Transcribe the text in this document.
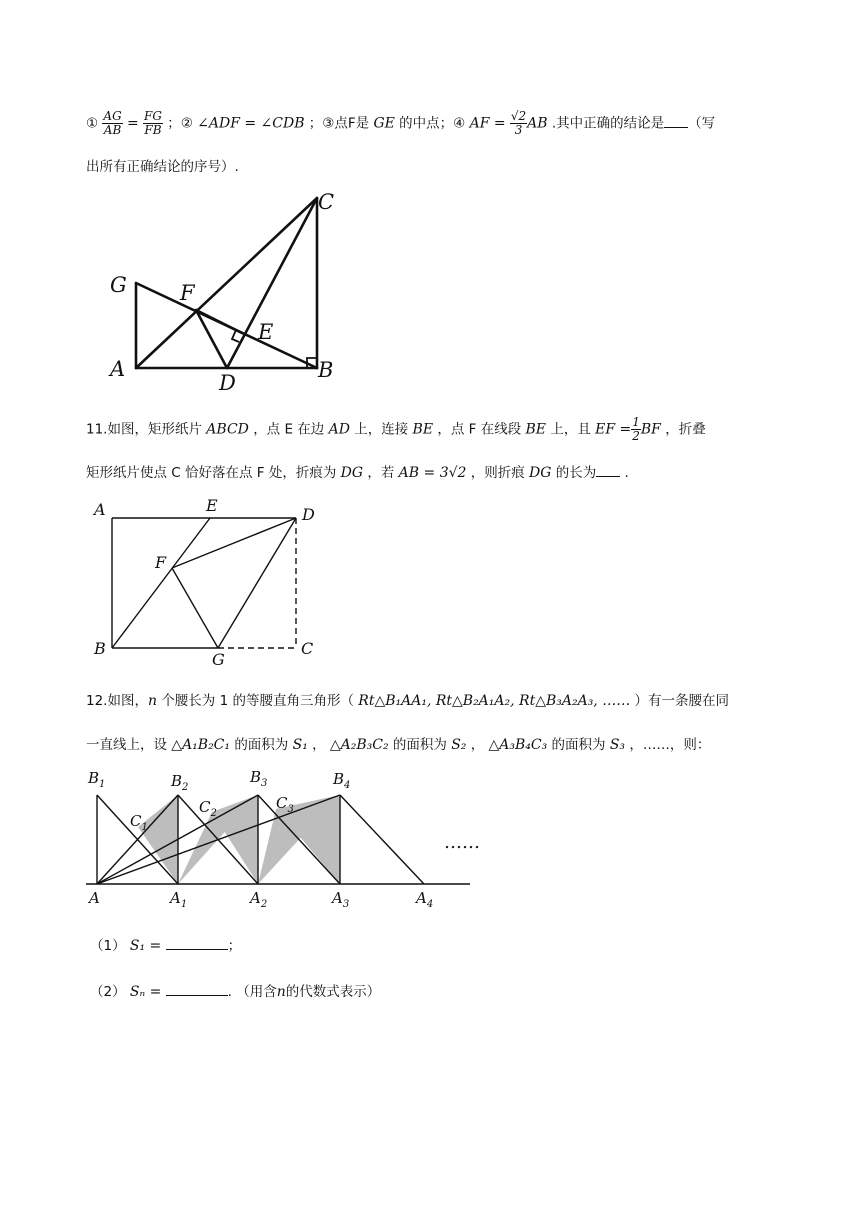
① $\frac{AG}{AB} = \frac{FG}{FB}$ ；② ∠ADF = ∠CDB ；③点F是 GE 的中点；④ AF = $\frac{√2}{3}$ AB .其中正确的结论是 （写
出所有正确结论的序号）.
C
G	F
E
A
D
B
11.如图，矩形纸片 ABCD ，点 E 在边 AD 上，连接 BE ，点 F 在线段 BE 上，且 EF = $\frac{1}{2}$ BF ，折叠
矩形纸片使点 C 恰好落在点 F 处，折痕为 DG ，若 AB = 3√2 ，则折痕 DG 的长为 .
A	E	D
F
B
G
C
12.如图，n 个腰长为 1 的等腰直角三角形（ Rt△B₁AA₁, Rt△B₂A₁A₂, Rt△B₃A₂A₃, …… ）有一条腰在同
一直线上，设 △A₁B₂C₁ 的面积为 S₁ ， △A₂B₃C₂ 的面积为 S₂ ， △A₃B₄C₃ 的面积为 S₃ ，……，则：
$B_1$	$B_2$
$B_3$	$B_4$
$C_1$
$C_2$
$C_3$
A	$A_1$	$A_2$	$A_3$	$A_4$
……
（1） S₁ =	；
（2） Sₙ =	. （用含n的代数式表示）
